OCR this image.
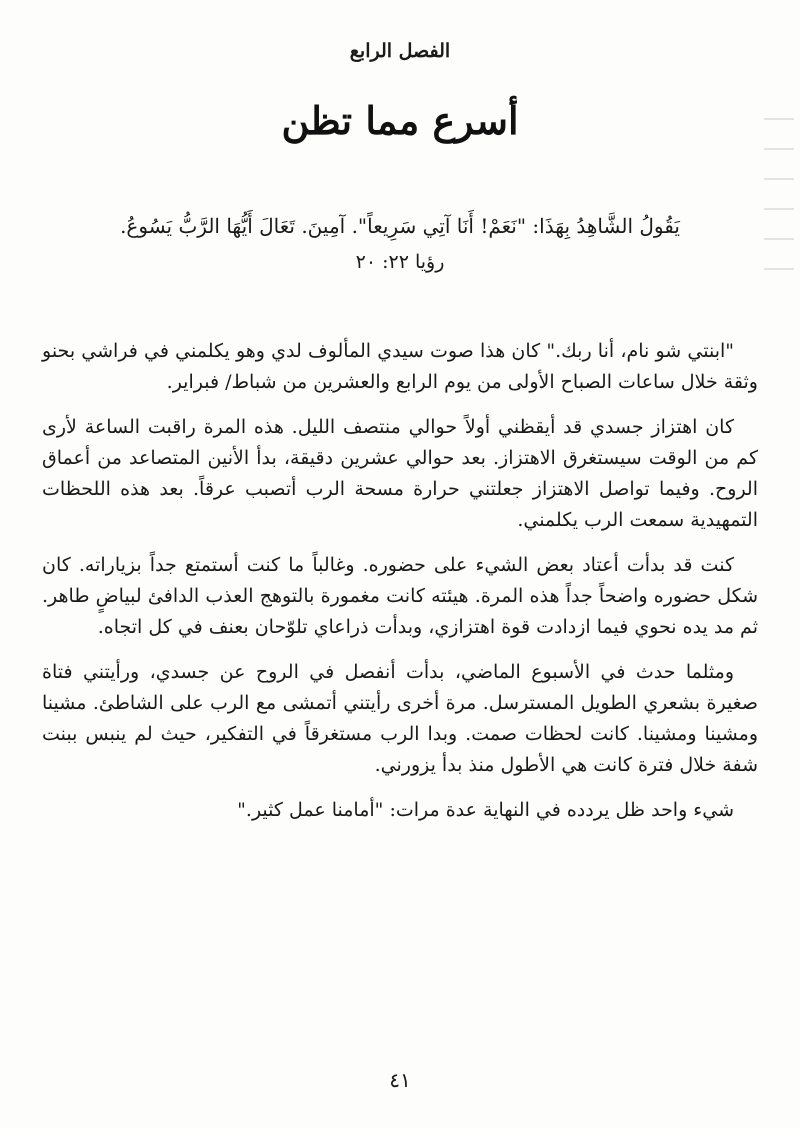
الفصل الرابع
أسرع مما تظن
يَقُولُ الشَّاهِدُ بِهَذَا: "نَعَمْ! أَنَا آتِي سَرِيعاً". آمِينَ. تَعَالَ أَيُّهَا الرَّبُّ يَسُوعُ.
رؤيا ٢٢: ٢٠

"ابنتي شو نام، أنا ربك." كان هذا صوت سيدي المألوف لدي وهو يكلمني في فراشي بحنو وثقة خلال ساعات الصباح الأولى من يوم الرابع والعشرين من شباط/ فبراير.

كان اهتزاز جسدي قد أيقظني أولاً حوالي منتصف الليل. هذه المرة راقبت الساعة لأرى كم من الوقت سيستغرق الاهتزاز. بعد حوالي عشرين دقيقة، بدأ الأنين المتصاعد من أعماق الروح. وفيما تواصل الاهتزاز جعلتني حرارة مسحة الرب أتصبب عرقاً. بعد هذه اللحظات التمهيدية سمعت الرب يكلمني.

كنت قد بدأت أعتاد بعض الشيء على حضوره. وغالباً ما كنت أستمتع جداً بزياراته. كان شكل حضوره واضحاً جداً هذه المرة. هيئته كانت مغمورة بالتوهج العذب الدافئ لبياضٍ طاهر. ثم مد يده نحوي فيما ازدادت قوة اهتزازي، وبدأت ذراعاي تلوّحان بعنف في كل اتجاه.

ومثلما حدث في الأسبوع الماضي، بدأت أنفصل في الروح عن جسدي، ورأيتني فتاة صغيرة بشعري الطويل المسترسل. مرة أخرى رأيتني أتمشى مع الرب على الشاطئ. مشينا ومشينا ومشينا. كانت لحظات صمت. وبدا الرب مستغرقاً في التفكير، حيث لم ينبس ببنت شفة خلال فترة كانت هي الأطول منذ بدأ يزورني.

شيء واحد ظل يردده في النهاية عدة مرات: "أمامنا عمل كثير."

٤١
